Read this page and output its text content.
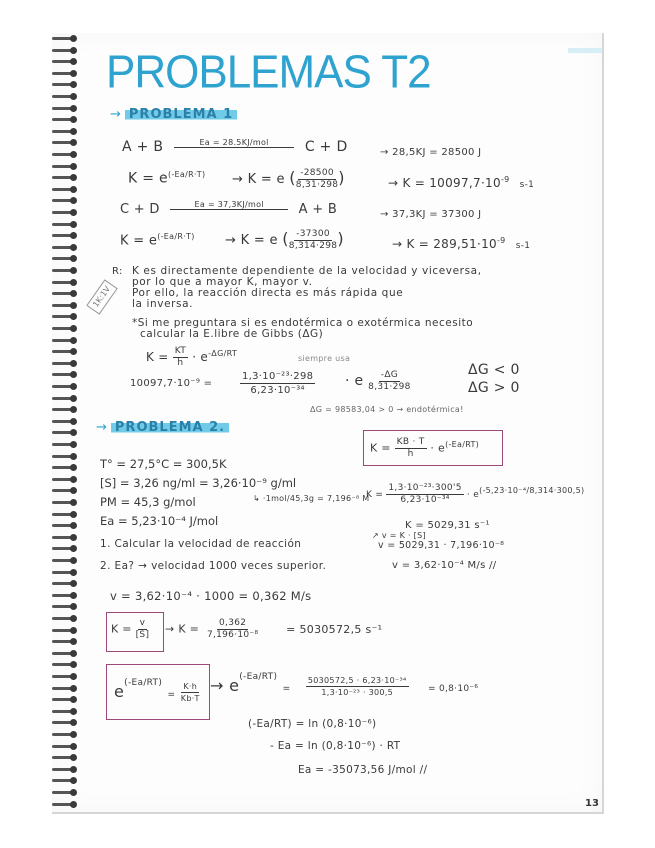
PROBLEMAS T2
→ PROBLEMA 1
A + B	Ea = 28.5KJ/mol	C + D	→ 28,5KJ = 28500 J
$K = e^{(-Ea/R\cdot T)} \to K = e$ ( $\frac{-28500}{8,31\cdot 298}$ )	→ $K = 10097,7\cdot 10^{-9}$ s-1
C + D	Ea = 37,3KJ/mol	A + B	→ 37,3KJ = 37300 J
$K = e^{(-Ea/R\cdot T)} \to K = e$ ( $\frac{-37300}{8,314\cdot 298}$ )	→ $K = 289,51\cdot 10^{-9}$ s-1
R: K es directamente dependiente de la velocidad y viceversa,
por lo que a mayor K, mayor v.
Por ello, la reacción directa es más rápida que
la inversa.
1K:1V
*Si me preguntara si es endotérmica o exotérmica necesito
calcular la E.libre de Gibbs (ΔG)
$K = \frac{KT}{h} \cdot e^{-\Delta G/RT}$
siempre usa
10097,7·10⁻⁹ =	$\frac{\text{1,3·10⁻²³·298}}{\text{6,23·10⁻³⁴}} \cdot e \frac{-\Delta G}{8,31\cdot 298}$	ΔG < 0
ΔG > 0
ΔG = 98583,04 > 0 → endotérmica!
→ PROBLEMA 2.
$K = \frac{KB \cdot T}{h} \cdot e^{(-Ea/RT)}$
T° = 27,5°C = 300,5K
[S] = 3,26 ng/ml = 3,26·10⁻⁹ g/ml
PM = 45,3 g/mol
Ea = 5,23·10⁻⁴ J/mol
↳ ·1mol/45,3g = 7,196⁻⁸ M
1. Calcular la velocidad de reacción
2. Ea? → velocidad 1000 veces superior.
$K = \frac{\text{1,3·10⁻²³·300'5}}{\text{6,23·10⁻³⁴}} \cdot e^{(-5,23\cdot 10^{-4}/8,314\cdot 300,5)}$
K = 5029,31 s⁻¹
↗ v = K · [S]
v = 5029,31 · 7,196·10⁻⁸
v = 3,62·10⁻⁴ M/s //
v = 3,62·10⁻⁴ · 1000 = 0,362 M/s
$K = \frac{v}{[S]} \to K = \frac{0,362}{\text{7,196·10⁻⁸}}$	= 5030572,5 s⁻¹
$e^{(-Ea/RT)} = \frac{K\cdot h}{Kb\cdot T} \to e^{(-Ea/RT)} = \frac{\text{5030572,5 · 6,23·10⁻³⁴}}{\text{1,3·10⁻²³ · 300,5}} = 0,8\cdot 10^{-6}$
(-Ea/RT) = ln (0,8·10⁻⁶)
- Ea = ln (0,8·10⁻⁶) · RT
Ea = -35073,56 J/mol //
13
